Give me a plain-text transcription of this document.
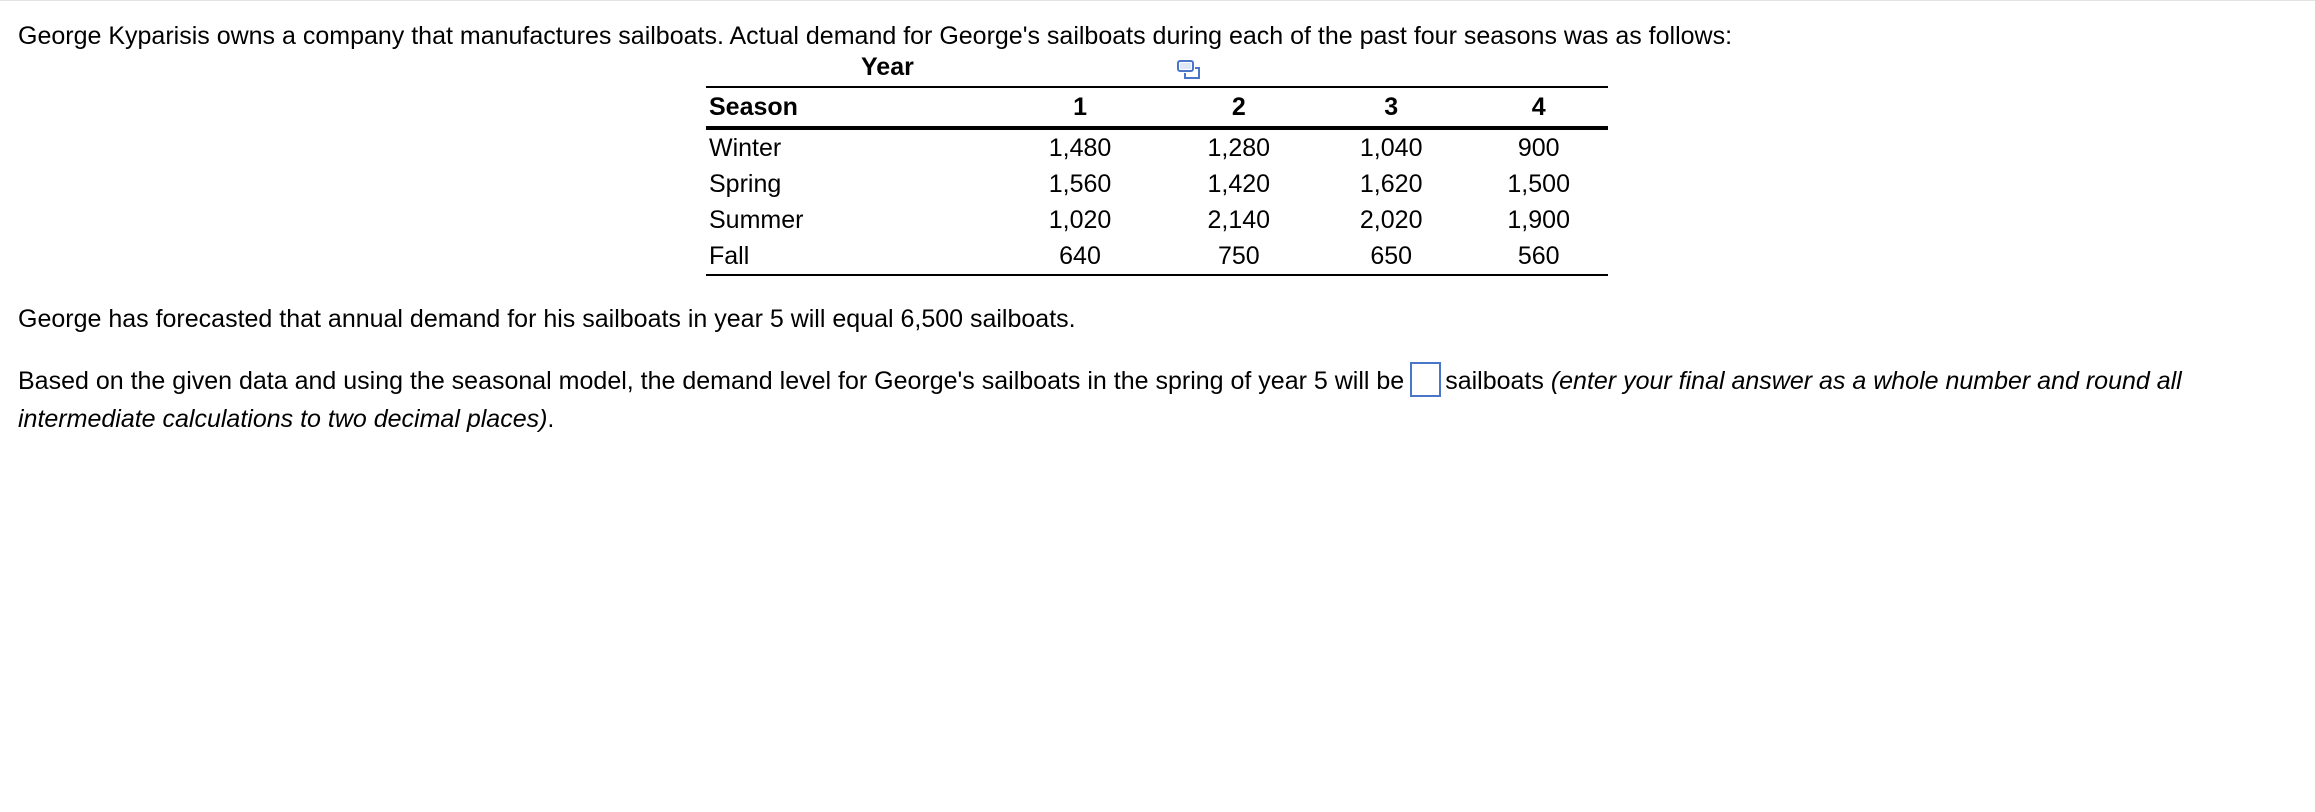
George Kyparisis owns a company that manufactures sailboats. Actual demand for George's sailboats during each of the past four seasons was as follows:
Year
Season	1	2	3	4
Winter	1,480	1,280	1,040	900
Spring	1,560	1,420	1,620	1,500
Summer	1,020	2,140	2,020	1,900
Fall	640	750	650	560
George has forecasted that annual demand for his sailboats in year 5 will equal 6,500 sailboats.
Based on the given data and using the seasonal model, the demand level for George's sailboats in the spring of year 5 will be sailboats (enter your final answer as a whole number and round all
intermediate calculations to two decimal places).
